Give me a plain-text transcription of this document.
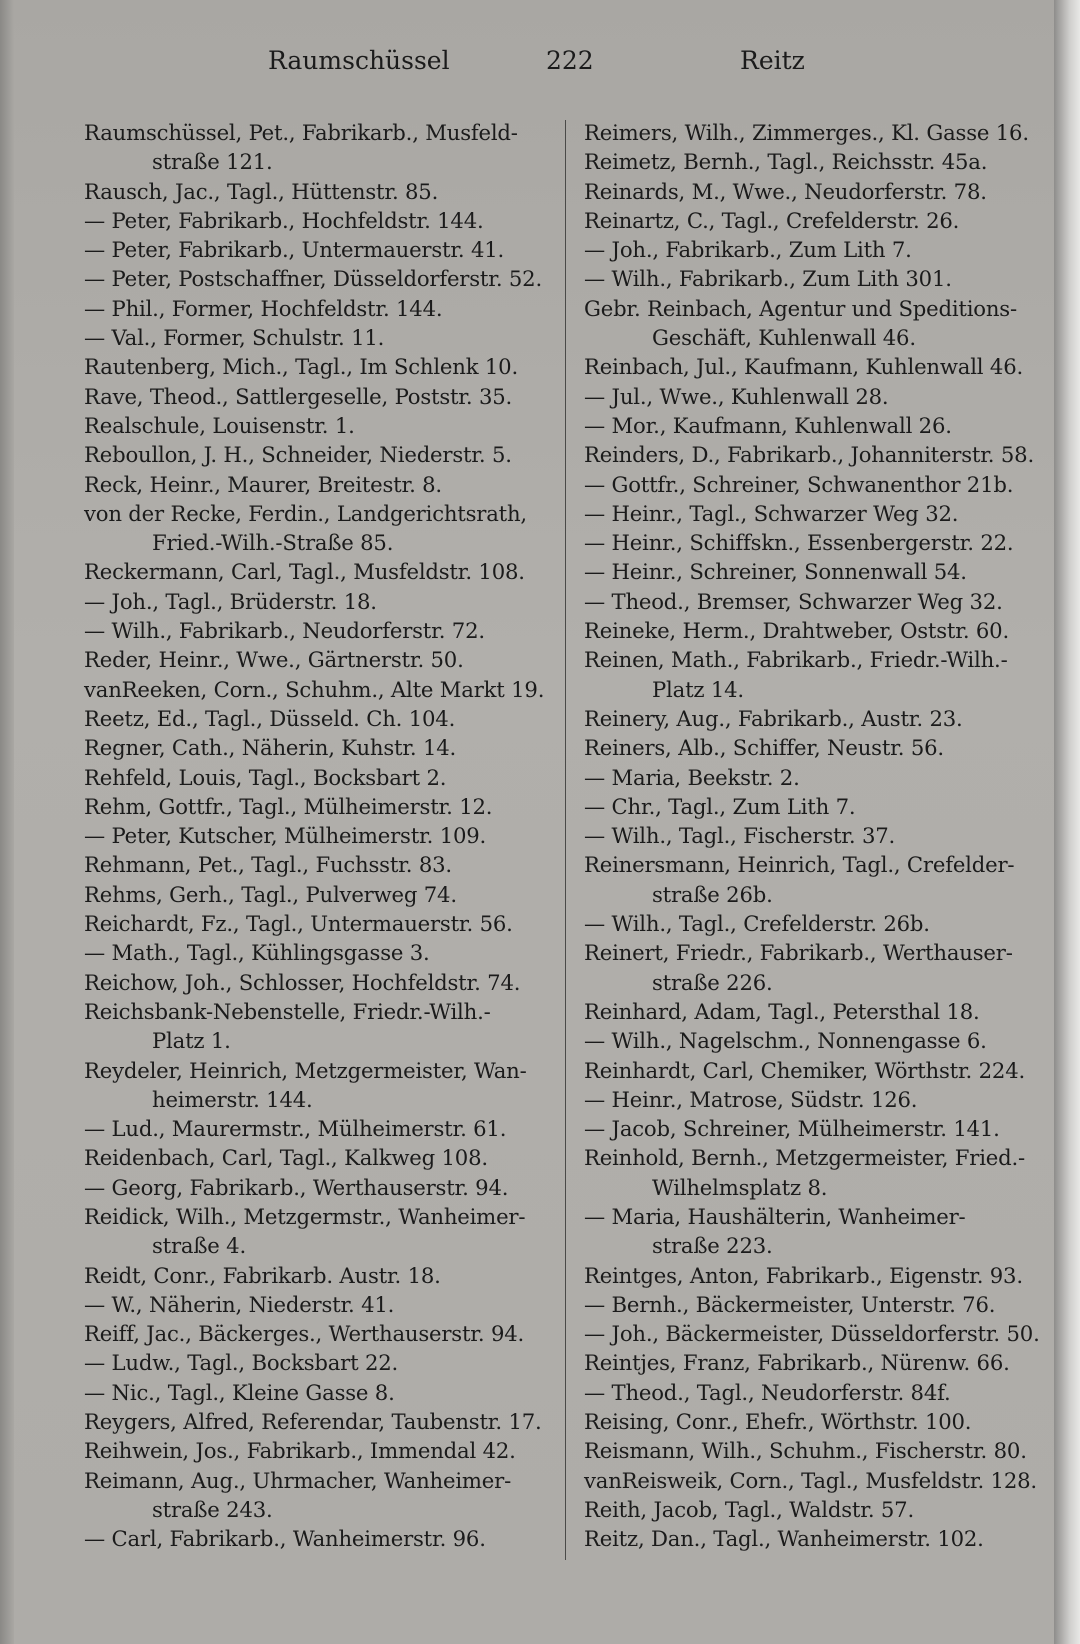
Raumschüssel	222	Reitz
Raumschüssel, Pet., Fabrikarb., Musfeld-
straße 121.
Rausch, Jac., Tagl., Hüttenstr. 85.
— Peter, Fabrikarb., Hochfeldstr. 144.
— Peter, Fabrikarb., Untermauerstr. 41.
— Peter, Postschaffner, Düsseldorferstr. 52.
— Phil., Former, Hochfeldstr. 144.
— Val., Former, Schulstr. 11.
Rautenberg, Mich., Tagl., Im Schlenk 10.
Rave, Theod., Sattlergeselle, Poststr. 35.
Realschule, Louisenstr. 1.
Reboullon, J. H., Schneider, Niederstr. 5.
Reck, Heinr., Maurer, Breitestr. 8.
von der Recke, Ferdin., Landgerichtsrath,
Fried.-Wilh.-Straße 85.
Reckermann, Carl, Tagl., Musfeldstr. 108.
— Joh., Tagl., Brüderstr. 18.
— Wilh., Fabrikarb., Neudorferstr. 72.
Reder, Heinr., Wwe., Gärtnerstr. 50.
vanReeken, Corn., Schuhm., Alte Markt 19.
Reetz, Ed., Tagl., Düsseld. Ch. 104.
Regner, Cath., Näherin, Kuhstr. 14.
Rehfeld, Louis, Tagl., Bocksbart 2.
Rehm, Gottfr., Tagl., Mülheimerstr. 12.
— Peter, Kutscher, Mülheimerstr. 109.
Rehmann, Pet., Tagl., Fuchsstr. 83.
Rehms, Gerh., Tagl., Pulverweg 74.
Reichardt, Fz., Tagl., Untermauerstr. 56.
— Math., Tagl., Kühlingsgasse 3.
Reichow, Joh., Schlosser, Hochfeldstr. 74.
Reichsbank-Nebenstelle, Friedr.-Wilh.-
Platz 1.
Reydeler, Heinrich, Metzgermeister, Wan-
heimerstr. 144.
— Lud., Maurermstr., Mülheimerstr. 61.
Reidenbach, Carl, Tagl., Kalkweg 108.
— Georg, Fabrikarb., Werthauserstr. 94.
Reidick, Wilh., Metzgermstr., Wanheimer-
straße 4.
Reidt, Conr., Fabrikarb. Austr. 18.
— W., Näherin, Niederstr. 41.
Reiff, Jac., Bäckerges., Werthauserstr. 94.
— Ludw., Tagl., Bocksbart 22.
— Nic., Tagl., Kleine Gasse 8.
Reygers, Alfred, Referendar, Taubenstr. 17.
Reihwein, Jos., Fabrikarb., Immendal 42.
Reimann, Aug., Uhrmacher, Wanheimer-
straße 243.
— Carl, Fabrikarb., Wanheimerstr. 96.
Reimers, Wilh., Zimmerges., Kl. Gasse 16.
Reimetz, Bernh., Tagl., Reichsstr. 45a.
Reinards, M., Wwe., Neudorferstr. 78.
Reinartz, C., Tagl., Crefelderstr. 26.
— Joh., Fabrikarb., Zum Lith 7.
— Wilh., Fabrikarb., Zum Lith 301.
Gebr. Reinbach, Agentur und Speditions-
Geschäft, Kuhlenwall 46.
Reinbach, Jul., Kaufmann, Kuhlenwall 46.
— Jul., Wwe., Kuhlenwall 28.
— Mor., Kaufmann, Kuhlenwall 26.
Reinders, D., Fabrikarb., Johanniterstr. 58.
— Gottfr., Schreiner, Schwanenthor 21b.
— Heinr., Tagl., Schwarzer Weg 32.
— Heinr., Schiffskn., Essenbergerstr. 22.
— Heinr., Schreiner, Sonnenwall 54.
— Theod., Bremser, Schwarzer Weg 32.
Reineke, Herm., Drahtweber, Oststr. 60.
Reinen, Math., Fabrikarb., Friedr.-Wilh.-
Platz 14.
Reinery, Aug., Fabrikarb., Austr. 23.
Reiners, Alb., Schiffer, Neustr. 56.
— Maria, Beekstr. 2.
— Chr., Tagl., Zum Lith 7.
— Wilh., Tagl., Fischerstr. 37.
Reinersmann, Heinrich, Tagl., Crefelder-
straße 26b.
— Wilh., Tagl., Crefelderstr. 26b.
Reinert, Friedr., Fabrikarb., Werthauser-
straße 226.
Reinhard, Adam, Tagl., Petersthal 18.
— Wilh., Nagelschm., Nonnengasse 6.
Reinhardt, Carl, Chemiker, Wörthstr. 224.
— Heinr., Matrose, Südstr. 126.
— Jacob, Schreiner, Mülheimerstr. 141.
Reinhold, Bernh., Metzgermeister, Fried.-
Wilhelmsplatz 8.
— Maria, Haushälterin, Wanheimer-
straße 223.
Reintges, Anton, Fabrikarb., Eigenstr. 93.
— Bernh., Bäckermeister, Unterstr. 76.
— Joh., Bäckermeister, Düsseldorferstr. 50.
Reintjes, Franz, Fabrikarb., Nürenw. 66.
— Theod., Tagl., Neudorferstr. 84f.
Reising, Conr., Ehefr., Wörthstr. 100.
Reismann, Wilh., Schuhm., Fischerstr. 80.
vanReisweik, Corn., Tagl., Musfeldstr. 128.
Reith, Jacob, Tagl., Waldstr. 57.
Reitz, Dan., Tagl., Wanheimerstr. 102.
